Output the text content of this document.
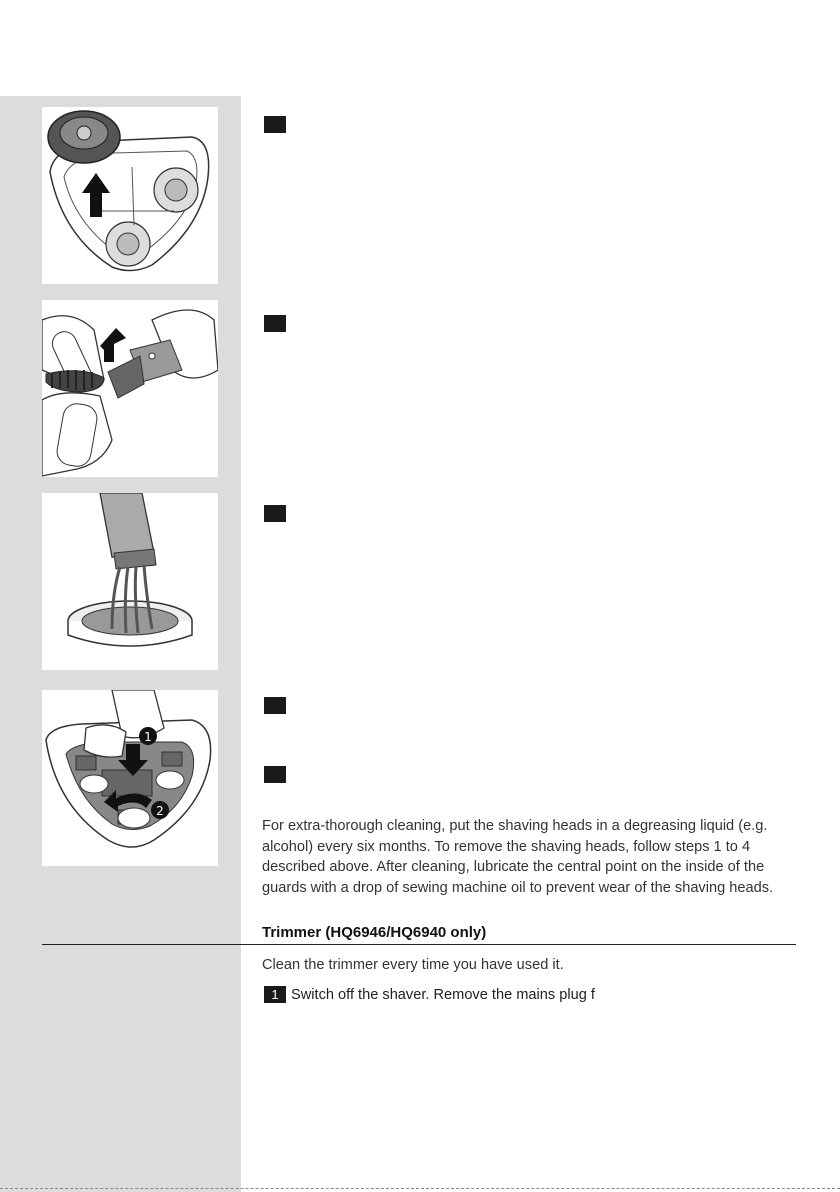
1
2
For extra-thorough cleaning, put the shaving heads in a degreasing liquid (e.g. alcohol) every six months. To remove the shaving heads, follow steps 1 to 4 described above. After cleaning, lubricate the central point on the inside of the guards with a drop of sewing machine oil to prevent wear of the shaving heads.
Trimmer (HQ6946/HQ6940 only)
Clean the trimmer every time you have used it.
1 Switch off the shaver. Remove the mains plug f
